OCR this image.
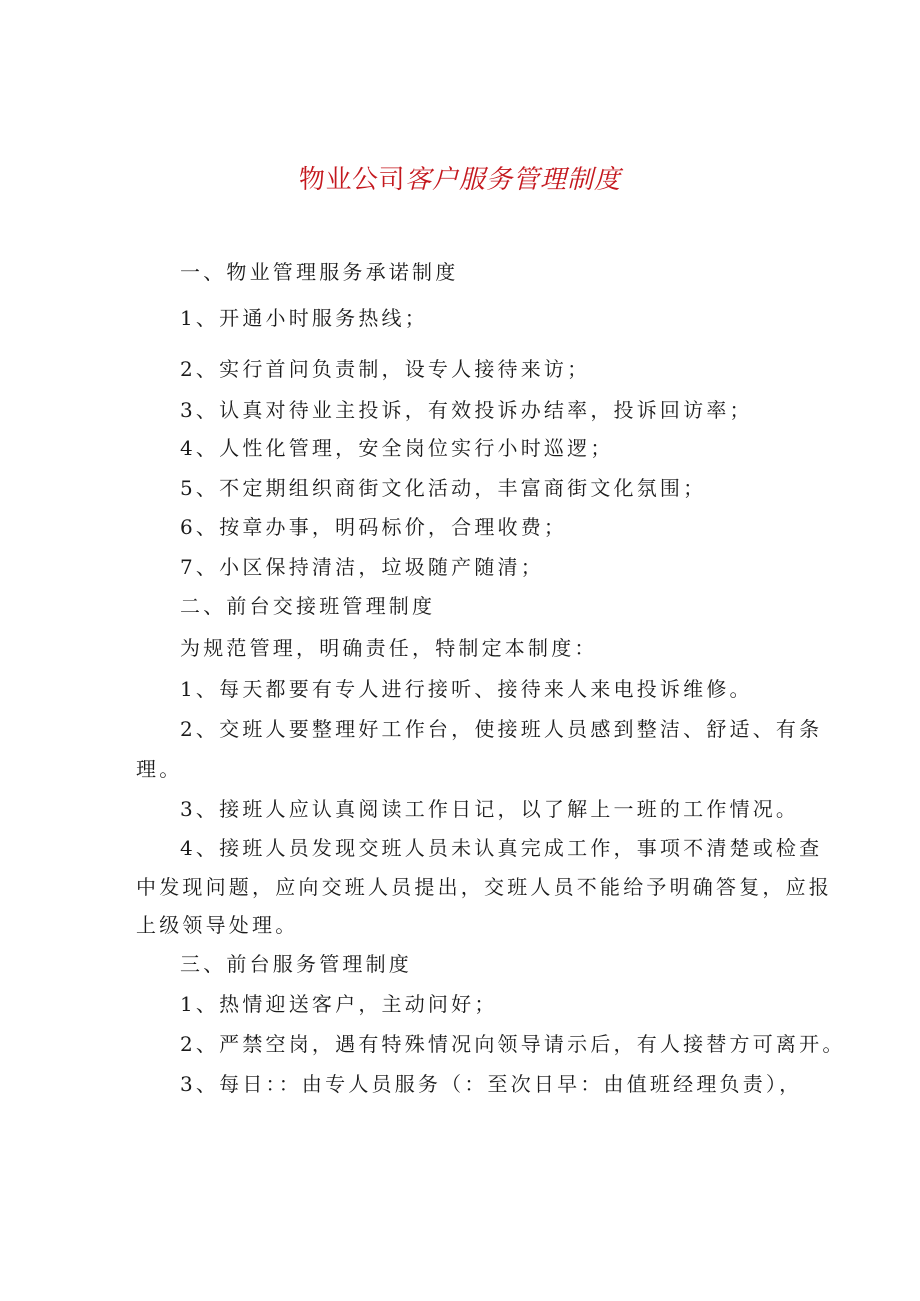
物业公司客户服务管理制度
一、物业管理服务承诺制度
1、开通小时服务热线；
2、实行首问负责制，设专人接待来访；
3、认真对待业主投诉，有效投诉办结率，投诉回访率；
4、人性化管理，安全岗位实行小时巡逻；
5、不定期组织商街文化活动，丰富商街文化氛围；
6、按章办事，明码标价，合理收费；
7、小区保持清洁，垃圾随产随清；
二、前台交接班管理制度
为规范管理，明确责任，特制定本制度：
1、每天都要有专人进行接听、接待来人来电投诉维修。
2、交班人要整理好工作台，使接班人员感到整洁、舒适、有条
理。
3、接班人应认真阅读工作日记，以了解上一班的工作情况。
4、接班人员发现交班人员未认真完成工作，事项不清楚或检查
中发现问题，应向交班人员提出，交班人员不能给予明确答复，应报
上级领导处理。
三、前台服务管理制度
1、热情迎送客户，主动问好；
2、严禁空岗，遇有特殊情况向领导请示后，有人接替方可离开。
3、每日：：由专人员服务（：至次日早：由值班经理负责），
